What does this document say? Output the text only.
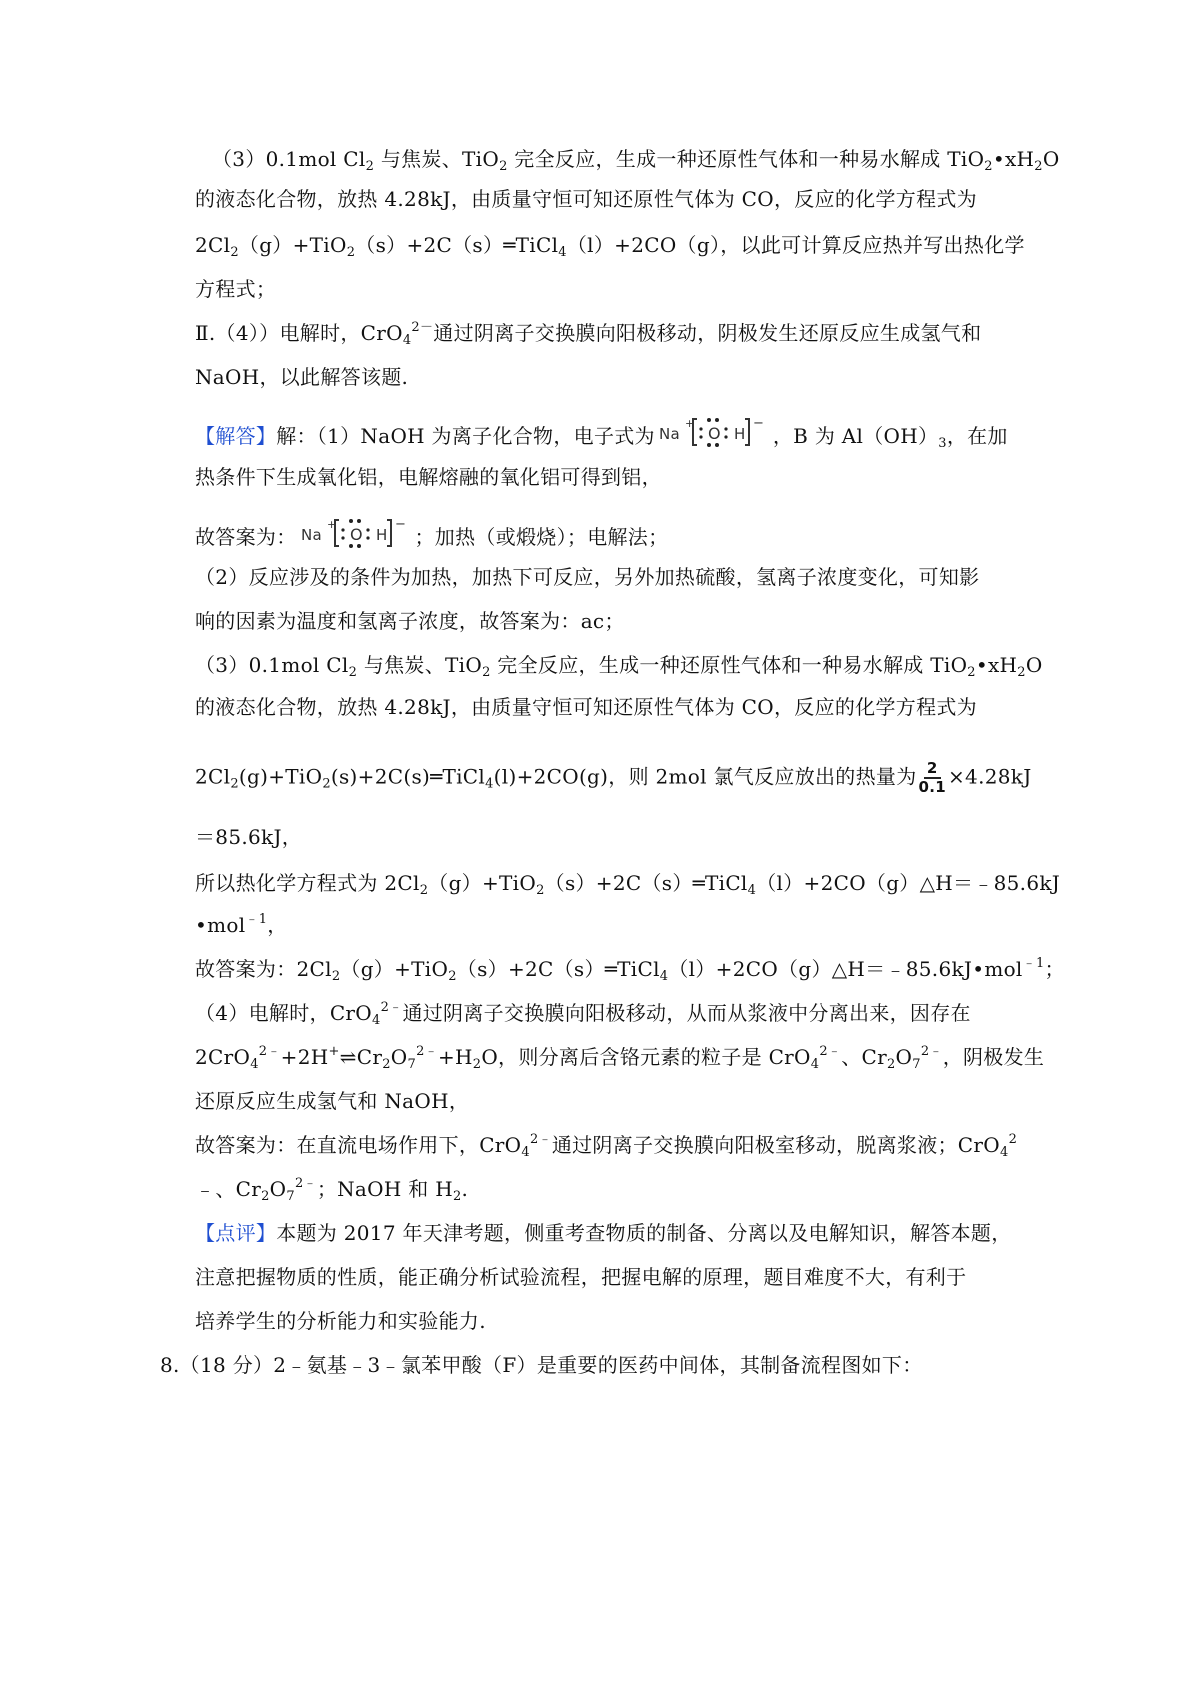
（3）0.1mol $Cl_2$ 与焦炭、TiO$_2$ 完全反应，生成一种还原性气体和一种易水解成 $TiO_2•xH_2O$
的液态化合物，放热 4.28kJ，由质量守恒可知还原性气体为 CO，反应的化学方程式为
$2Cl_2(g)+TiO_2(s)+2C(s)═TiCl_4(l)+2CO(g)$，以此可计算反应热并写出热化学
方程式；
Ⅱ.（4））电解时，CrO$_4^{2-}$通过阴离子交换膜向阳极移动，阴极发生还原反应生成氢气和
NaOH，以此解答该题.
【解答】解：（1）NaOH 为离子化合物，电子式为 Na
+
O H
−
，B 为 $Al(OH)_3$，在加
热条件下生成氧化铝，电解熔融的氧化铝可得到铝，
故答案为： Na
+
O H
−
；加热（或煅烧）；电解法；
（2）反应涉及的条件为加热，加热下可反应，另外加热硫酸，氢离子浓度变化，可知影
响的因素为温度和氢离子浓度，故答案为：ac；
（3）0.1mol $Cl_2$ 与焦炭、TiO$_2$ 完全反应，生成一种还原性气体和一种易水解成 $TiO_2•xH_2O$
的液态化合物，放热 4.28kJ，由质量守恒可知还原性气体为 CO，反应的化学方程式为
$2Cl_2(g)+TiO_2(s)+2C(s)═TiCl_4(l)+2CO(g)$，则 2mol 氯气反应放出的热量为 $\frac{2}{0.1} \times 4.28kJ$
＝85.6kJ，
所以热化学方程式为 $2Cl_2(g)+TiO_2(s)+2C(s)═TiCl_4(l)+2CO(g)\triangle H=﹣85.6kJ$
•mol$^{﹣1}$，
故答案为：$2Cl_2(g)+TiO_2(s)+2C(s)═TiCl_4(l)+2CO(g)\triangle H=﹣85.6kJ•mol^{﹣1}$；
（4）电解时，CrO$_4^{2﹣}$通过阴离子交换膜向阳极移动，从而从浆液中分离出来，因存在
$2CrO_4^{2﹣}+2H^+\rightleftharpoons Cr_2O_7^{2﹣}+H_2O$，则分离后含铬元素的粒子是 CrO$_4^{2﹣}$、$Cr_2O_7^{2﹣}$，阴极发生
还原反应生成氢气和 NaOH，
故答案为：在直流电场作用下，CrO$_4^{2﹣}$通过阴离子交换膜向阳极室移动，脱离浆液；CrO$_4^2$
﹣、$Cr_2O_7^{2﹣}$；NaOH 和 $H_2$.
【点评】本题为 2017 年天津考题，侧重考查物质的制备、分离以及电解知识，解答本题，
注意把握物质的性质，能正确分析试验流程，把握电解的原理，题目难度不大，有利于
培养学生的分析能力和实验能力.
8.（18 分）2﹣氨基﹣3﹣氯苯甲酸（F）是重要的医药中间体，其制备流程图如下：
